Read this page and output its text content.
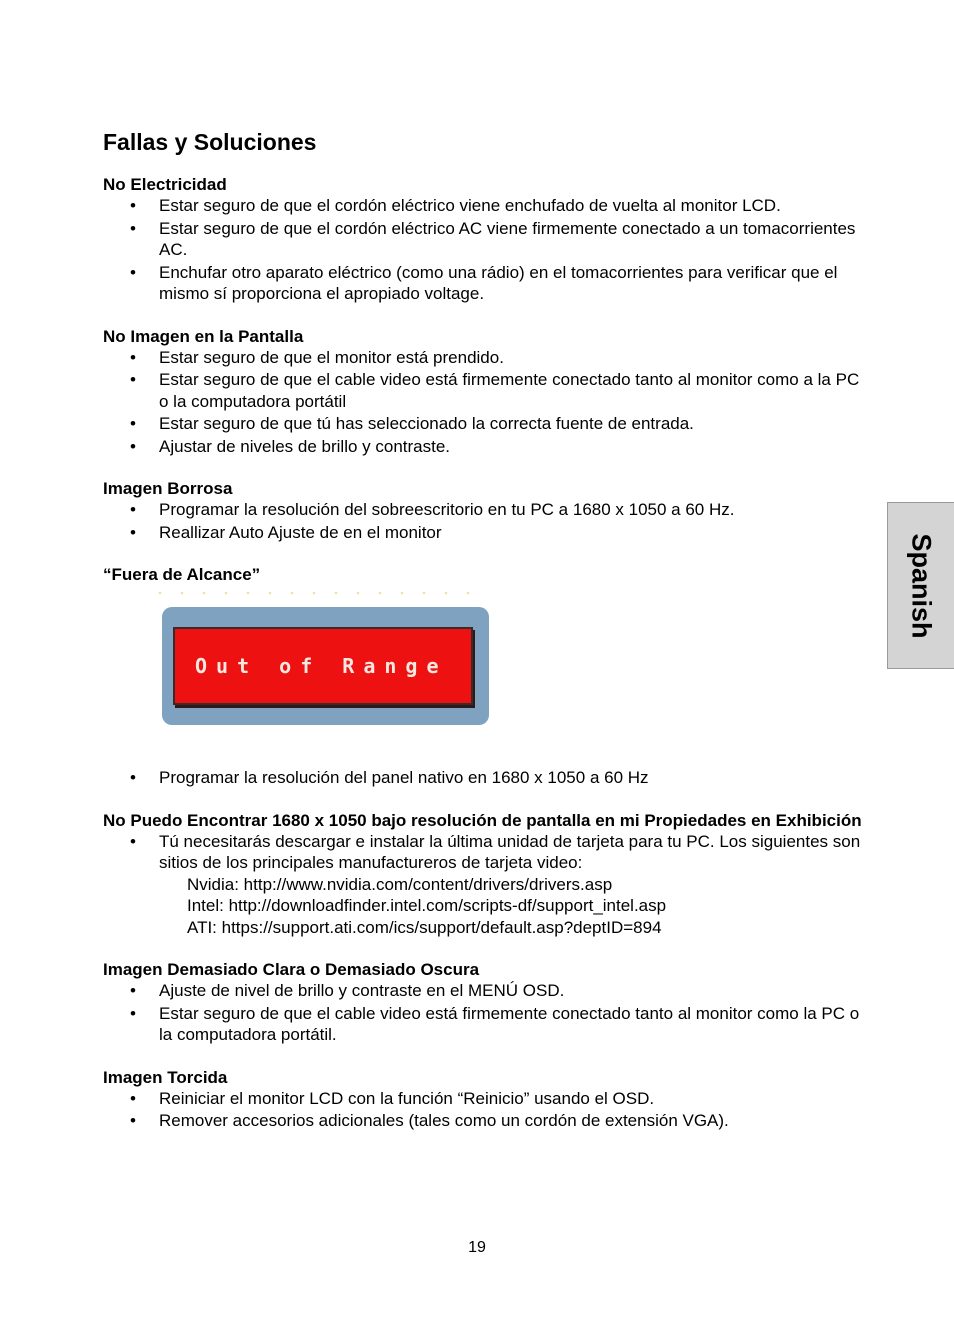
Fallas y Soluciones

No Electricidad

• Estar seguro de que el cordón eléctrico viene enchufado de vuelta al monitor LCD.
• Estar seguro de que el cordón eléctrico AC viene firmemente conectado a un tomacorrientes AC.
• Enchufar otro aparato eléctrico (como una rádio) en el tomacorrientes para verificar que el mismo sí proporciona el apropiado voltage.

No Imagen en la Pantalla

• Estar seguro de que el monitor está prendido.
• Estar seguro de que el cable video está firmemente conectado tanto al monitor como a la PC o la computadora portátil
• Estar seguro de que tú has seleccionado la correcta fuente de entrada.
• Ajustar de niveles de brillo y contraste.

Imagen Borrosa

• Programar la resolución del sobreescritorio en tu PC a 1680 x 1050 a 60 Hz.
• Reallizar Auto Ajuste de en el monitor

“Fuera de Alcance”

Out of Range
• Programar la resolución del panel nativo en 1680 x 1050 a 60 Hz

No Puedo Encontrar 1680 x 1050 bajo resolución de pantalla en mi Propiedades en Exhibición

• Tú necesitarás descargar e instalar la última unidad de tarjeta para tu PC. Los siguientes son sitios de los principales manufactureros de tarjeta video:
Nvidia: http://www.nvidia.com/content/drivers/drivers.asp
Intel: http://downloadfinder.intel.com/scripts-df/support_intel.asp
ATI: https://support.ati.com/ics/support/default.asp?deptID=894

Imagen Demasiado Clara o Demasiado Oscura

• Ajuste de nivel de brillo y contraste en el MENÚ OSD.
• Estar seguro de que el cable video está firmemente conectado tanto al monitor como la PC o la computadora portátil.

Imagen Torcida

• Reiniciar el monitor LCD con la función “Reinicio” usando el OSD.
• Remover accesorios adicionales (tales como un cordón de extensión VGA).
Spanish
19
